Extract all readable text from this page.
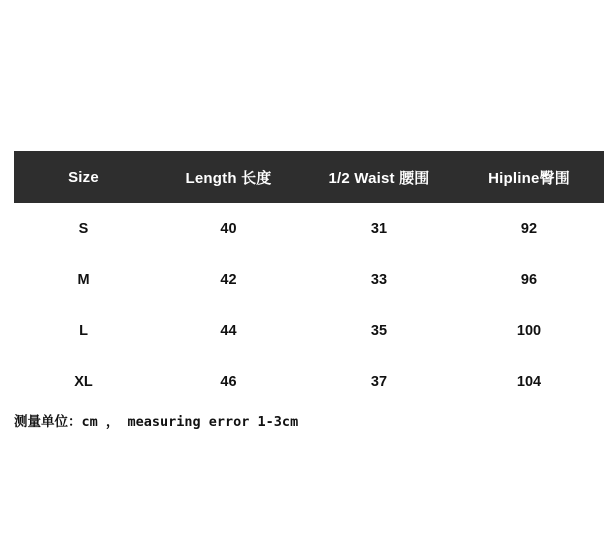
Size	Length 长度	1/2 Waist 腰围	Hipline臀围
S	40	31	92
M	42	33	96
L	44	35	100
XL	46	37	104
测量单位：cm ， measuring error 1-3cm
